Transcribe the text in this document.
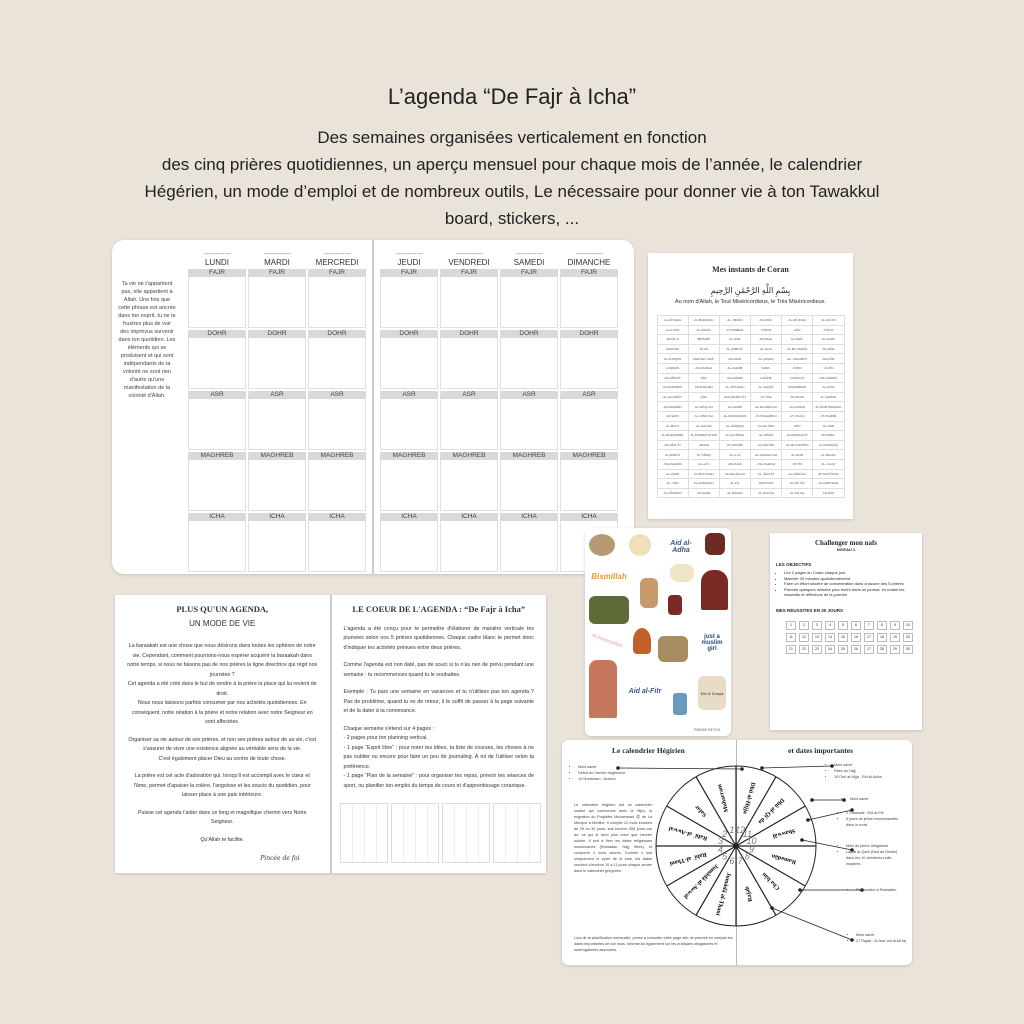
L’agenda “De Fajr à Icha”
Des semaines organisées verticalement en fonction
des cinq prières quotidiennes, un aperçu mensuel pour chaque mois de l’année, le calendrier
Hégérien, un mode d’emploi et de nombreux outils, Le nécessaire pour donner vie à ton Tawakkul
board, stickers, ...
Ta vie ne t'appartient pas, elle appartient à Allah. Une fois que cette phrase est ancrée dans ton esprit, tu ne te frustres plus de voir des imprévus survenir dans ton quotidien. Les éléments qui se produisent et qui sont indépendants de ta volonté ne sont rien d'autre qu'une manifestation de la volonté d'Allah.
- - - - - - - - - - - -
LUNDI
FAJR
DOHR
ASR
MAGHREB
ICHA
- - - - - - - - - - - -
MARDI
FAJR
DOHR
ASR
MAGHREB
ICHA
- - - - - - - - - - - -
MERCREDI
FAJR
DOHR
ASR
MAGHREB
ICHA
- - - - - - - - - - - -
JEUDI
FAJR
DOHR
ASR
MAGHREB
ICHA
- - - - - - - - - - - -
VENDREDI
FAJR
DOHR
ASR
MAGHREB
ICHA
- - - - - - - - - - - -
SAMEDI
FAJR
DOHR
ASR
MAGHREB
ICHA
- - - - - - - - - - - -
DIMANCHE
FAJR
DOHR
ASR
MAGHREB
ICHA
Mes instants de Coran
بِسْمِ اللَّهِ الرَّحْمَٰنِ الرَّحِيمِ
Au nom d'Allah, le Tout Miséricordieux, le Très Miséricordieux.
AL-FĀTIḤAH	AL-BAQARAH	ĀL-ʿIMRĀN	AN-NISĀʾ	AL-MĀʾIDAH	AL-ANʿĀM
AL-AʿRĀF	AL-ANFĀL	AT-TAWBAH	YŪNUS	HŪD	YŪSUF
AR-RAʿD	IBRĀHĪM	AL-ḤIJR	AN-NAḤL	AL-ISRĀʾ	AL-KAHF
MARYAM	ṬĀ-HĀ	AL-ANBIYĀʾ	AL-ḤAJJ	AL-MUʾMINŪN	AN-NŪR
AL-FURQĀN	ASH-SHUʿARĀʾ	AN-NAML	AL-QAṢAṢ	AL-ʿANKABŪT	AR-RŪM
LUQMĀN	AS-SAJDAH	AL-AḤZĀB	SABAʾ	FĀṬIR	YĀ-SĪN
AṢ-ṢĀFFĀT	ṢĀD	AZ-ZUMAR	GHĀFIR	FUṢṢILAT	ASH-SHŪRĀ
AZ-ZUKHRUF	AD-DUKHĀN	AL-JĀTHIYAH	AL-AḤQĀF	MUḤAMMAD	AL-FATḤ
AL-ḤUJURĀT	QĀF	ADH-DHĀRIYĀT	AṬ-ṬŪR	AN-NAJM	AL-QAMAR
AR-RAḤMĀN	AL-WĀQIʿAH	AL-ḤADĪD	AL-MUJĀDILAH	AL-ḤASHR	AL-MUMTAḤANAH
AṢ-ṢAFF	AL-JUMUʿAH	AL-MUNĀFIQŪN	AT-TAGHĀBUN	AṬ-ṬALĀQ	AT-TAḤRĪM
AL-MULK	AL-QALAM	AL-ḤĀQQAH	AL-MAʿĀRIJ	NŪḤ	AL-JINN
AL-MUZZAMMIL	AL-MUDDATHTHIR	AL-QIYĀMAH	AL-INSĀN	AL-MURSALĀT	AN-NABAʾ
AN-NĀZIʿĀT	ʿABASA	AT-TAKWĪR	AL-INFIṬĀR	AL-MUṬAFFIFĪN	AL-INSHIQĀQ
AL-BURŪJ	AṬ-ṬĀRIQ	AL-AʿLĀ	AL-GHĀSHIYAH	AL-FAJR	AL-BALAD
ASH-SHAMS	AL-LAYL	AḌ-ḌUḤĀ	ASH-SHARḤ	AT-TĪN	AL-ʿALAQ
AL-QADR	AL-BAYYINAH	AZ-ZALZALAH	AL-ʿĀDIYĀT	AL-QĀRIʿAH	AT-TAKĀTHUR
AL-ʿAṢR	AL-HUMAZAH	AL-FĪL	QURAYSH	AL-MĀʿŪN	AL-KAWTHAR
AL-KĀFIRŪN	AN-NAṢR	AL-MASAD	AL-IKHLĀṢ	AL-FALAQ	AN-NĀS
Aid al-Adha
Bismillah
Al-Hamdulillah	just a muslim girl
Aid al-Fitr	Dîn & Dunya
PINCEE DE FOI
Challenger mon nafs
NIVEAU 1
LES OBJECTIFS
• Lire 2 pages du Coran chaque jour
• Marcher 30 minutes quotidiennement
• Faire un effort sincère de concentration dans chacune des 5 prières
• Prendre quelques minutes pour écrire dans un journal, en notant les ressentis et réflexions de la journée
MES RÉUSSITES EN 30 JOURS
1	2	3	4	5	6	7	8	9	10
11	12	13	14	15	16	17	18	19	20
21	22	23	24	25	26	27	28	29	30
PLUS QU'UN AGENDA,
UN MODE DE VIE

La baraakah est une chose que nous désirons dans toutes les sphères de notre vie. Cependant, comment pourrions-nous espérer acquérir la baraakah dans notre temps, si nous ne faisons pas de nos prières la ligne directrice qui régit nos journées ?
Cet agenda a été créé dans le but de rendre à la prière la place qui lui revient de droit.
Nous nous laissons parfois consumer par nos activités quotidiennes. En conséquent, notre relation à la prière et notre relation avec notre Seigneur en sont affectées.

Organiser sa vie autour de ses prières, et non ses prières autour de sa vie, c'est s'assurer de vivre une existence alignée au véritable sens de la vie.
C'est également placer Dieu au centre de toute chose.

La prière est cet acte d'adoration qui, lorsqu'il est accompli avec le cœur et l'âme, permet d'apaiser la colère, l'angoisse et les soucis du quotidien, pour laisser place à une paix intérieure.

Puisse cet agenda t'aider dans ce long et magnifique chemin vers Notre Seigneur.

Qu'Allah te facilite.

Pincée de foi
LE COEUR DE L'AGENDA : “De Fajr à Icha”

L'agenda a été conçu pour te permettre d'élaborer de manière verticale tes journées selon nos 5 prières quotidiennes. Chaque cadre blanc te permet donc d'indiquer tes activités prévues entre deux prières.

Comme l'agenda est non daté, pas de souci si tu n'as rien de prévu pendant une semaine : tu recommences quand tu le souhaites.

Exemple : Tu pars une semaine en vacances et tu n'utilises pas ton agenda ? Pas de problème, quand tu es de retour, il te suffit de passer à la page suivante et de la dater à ta convenance.

Chaque semaine s'étend sur 4 pages :
- 2 pages pour ton planning vertical.
- 1 page “Esprit libre” : pour noter tes idées, ta liste de courses, les choses à ne pas oublier ou encore pour faire un peu de journaling. À toi de l'utiliser selon ta préférence.
- 1 page “Plan de la semaine” : pour organiser tes repas, prévoir tes séances de sport, ou planifier ton emploi du temps de cours et d'apprentissage coranique.

Le calendrier Hégirien	et dates importantes
Muharram
1
Safar
2
Rabîʿ al-Awwal
3
Rabîʿ al-Thani
4
Jumâdâ al-Awwal
5
Jumâdâ al-Thani
6
Rajab
7
Chaʿbân
8	Ramadân
9
Shawwâl
10
Dhû al-Qiʿda
11
Dhû al-Hijja
12
• Mois sacré
• Début de l'année hégirienne
• 10 Muharram : Achura
Le calendrier hégirien est un calendrier lunaire qui commence avec la Hijra, la migration du Prophète Muhammad ﷺ de La Mecque à Médine. Il compte 12 mois lunaires de 29 ou 30 jours, soit environ 354 jours par an, ce qui le rend plus court que l'année solaire. Il sert à fixer les dates religieuses musulmanes (Ramadan, Hajj, fêtes), et comporte 4 mois sacrés. Comme il suit uniquement le cycle de la lune, les dates reculent d'environ 10 à 11 jours chaque année dans le calendrier grégorien.
Lors de ta planification mensuelle, pense à consulter cette page afin de prendre en compte les dates importantes de ton mois. Informe-toi également sur les pratiques obligatoires et surérogatoires associées.
• Mois sacré
• Rites du Hajj
• 10 Dhû al-Hijja : Eid al-Adha
• Mois sacré
• 1 Shawwâl : Eid al-Fitr
• 6 jours de jeûne recommandés dans le mois
• Mois de jeûne obligatoire
• Laylat al-Qadr (Nuit du Destin) dans les 10 dernières nuits impaires
• Préparation à Ramadan
• Mois sacré
• 27 Rajab : Al-Isra' wa al-Mi'raj
